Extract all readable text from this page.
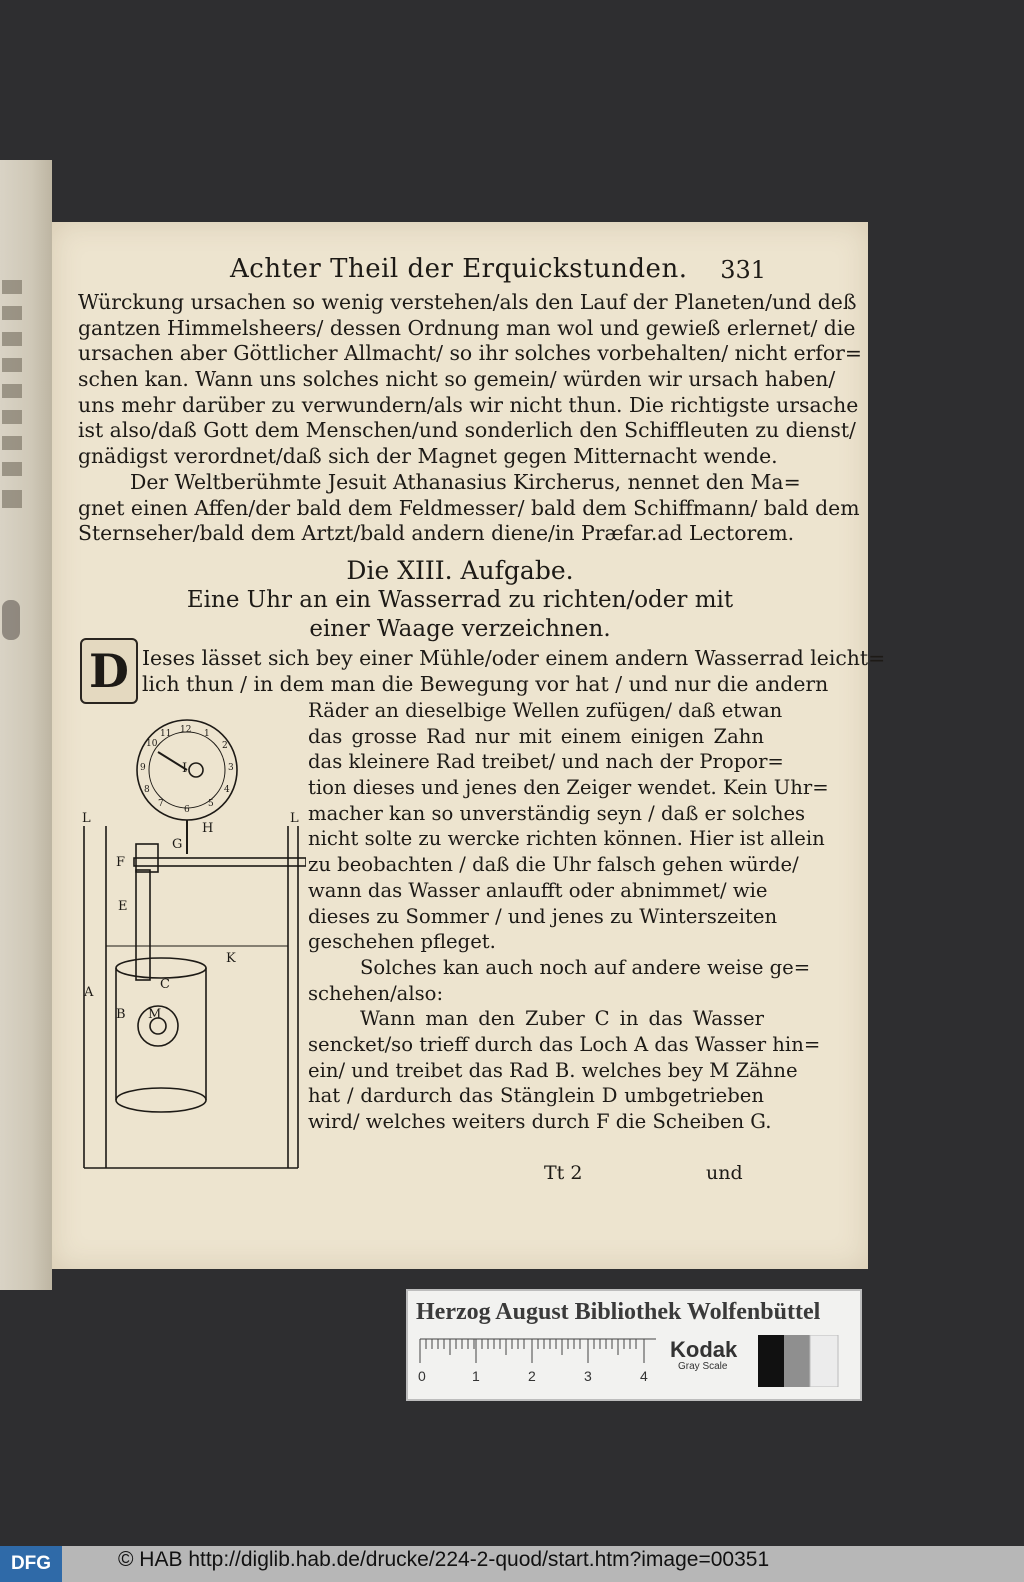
Achter Theil der Erquickstunden. 331
Würckung ursachen so wenig verstehen/als den Lauf der Planeten/und deß
gantzen Himmelsheers/ dessen Ordnung man wol und gewieß erlernet/ die
ursachen aber Göttlicher Allmacht/ so ihr solches vorbehalten/ nicht erfor=
schen kan. Wann uns solches nicht so gemein/ würden wir ursach haben/
uns mehr darüber zu verwundern/als wir nicht thun. Die richtigste ursache
ist also/daß Gott dem Menschen/und sonderlich den Schiffleuten zu dienst/
gnädigst verordnet/daß sich der Magnet gegen Mitternacht wende.
Der Weltberühmte Jesuit Athanasius Kircherus, nennet den Ma=
gnet einen Affen/der bald dem Feldmesser/ bald dem Schiffmann/ bald dem
Sternseher/bald dem Artzt/bald andern diene/in Præfar.ad Lectorem.
Die XIII. Aufgabe.
Eine Uhr an ein Wasserrad zu richten/oder mit
einer Waage verzeichnen.
D Ieses lässet sich bey einer Mühle/oder einem andern Wasserrad leicht=
lich thun / in dem man die Bewegung vor hat / und nur die andern
Räder an dieselbige Wellen zufügen/ daß etwan
das grosse Rad nur mit einem einigen Zahn
das kleinere Rad treibet/ und nach der Propor=
tion dieses und jenes den Zeiger wendet. Kein Uhr=
macher kan so unverständig seyn / daß er solches
nicht solte zu wercke richten können. Hier ist allein
zu beobachten / daß die Uhr falsch gehen würde/
wann das Wasser anlaufft oder abnimmet/ wie
dieses zu Sommer / und jenes zu Winterszeiten
geschehen pfleget.
Solches kan auch noch auf andere weise ge=
schehen/also:
Wann man den Zuber C in das Wasser
sencket/so trieff durch das Loch A das Wasser hin=
ein/ und treibet das Rad B. welches bey M Zähne
hat / dardurch das Stänglein D umbgetrieben
wird/ welches weiters durch F die Scheiben G.
12
11
10
9
8
7
6
5
4
3
2
1
I
L	L
H
G
F
E
K
C
A
B M
Tt 2	und
Herzog August Bibliothek Wolfenbüttel
0	1	2	3	4
Kodak
Gray Scale
DFG	© HAB http://diglib.hab.de/drucke/224-2-quod/start.htm?image=00351
